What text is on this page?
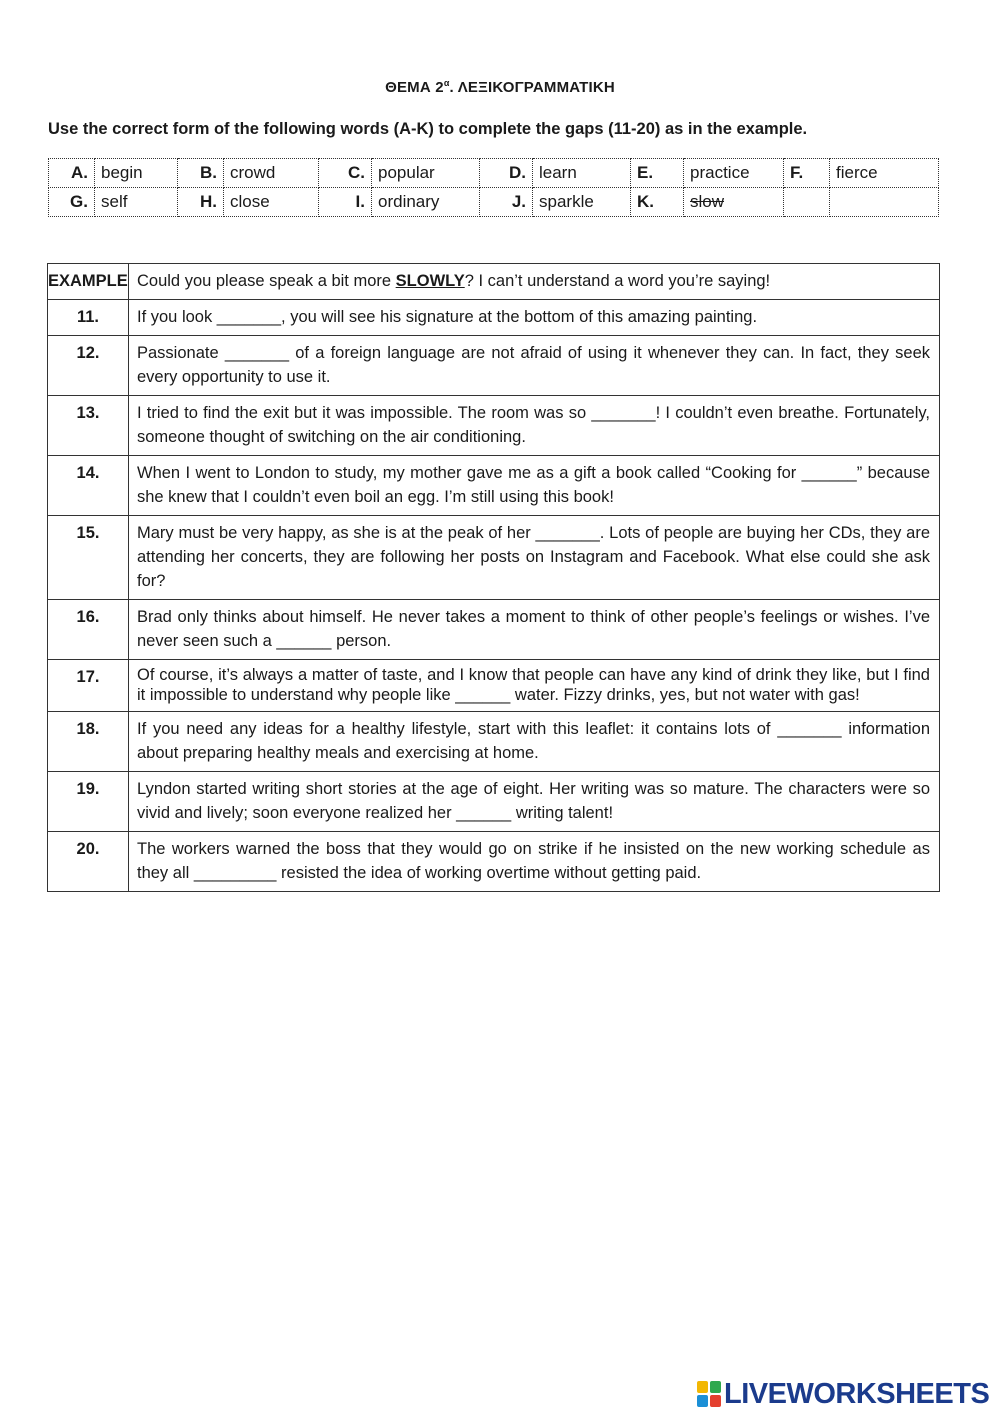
ΘΕΜΑ $2^\alpha$. ΛΕΞΙΚΟΓΡΑΜΜΑΤΙΚΗ
Use the correct form of the following words (A-K) to complete the gaps (11-20) as in the example.
A.	begin	B.	crowd	C.	popular	D.	learn	E.	practice	F.	fierce
G.	self	H.	close	I.	ordinary	J.	sparkle	K.	slow		
EXAMPLE	Could you please speak a bit more SLOWLY? I can’t understand a word you’re saying!
11.	If you look _______, you will see his signature at the bottom of this amazing painting.
12.	Passionate _______ of a foreign language are not afraid of using it whenever they can. In fact, they seek every opportunity to use it.
13.	I tried to find the exit but it was impossible. The room was so _______! I couldn’t even breathe. Fortunately, someone thought of switching on the air conditioning.
14.	When I went to London to study, my mother gave me as a gift a book called “Cooking for ______” because she knew that I couldn’t even boil an egg. I’m still using this book!
15.	Mary must be very happy, as she is at the peak of her _______. Lots of people are buying her CDs, they are attending her concerts, they are following her posts on Instagram and Facebook. What else could she ask for?
16.	Brad only thinks about himself. He never takes a moment to think of other people’s feelings or wishes. I’ve never seen such a ______ person.
17.	Of course, it’s always a matter of taste, and I know that people can have any kind of drink they like, but I find it impossible to understand why people like ______ water. Fizzy drinks, yes, but not water with gas!
18.	If you need any ideas for a healthy lifestyle, start with this leaflet: it contains lots of _______ information about preparing healthy meals and exercising at home.
19.	Lyndon started writing short stories at the age of eight. Her writing was so mature. The characters were so vivid and lively; soon everyone realized her ______ writing talent!
20.	The workers warned the boss that they would go on strike if he insisted on the new working schedule as they all _________ resisted the idea of working overtime without getting paid.
LIVEWORKSHEETS
